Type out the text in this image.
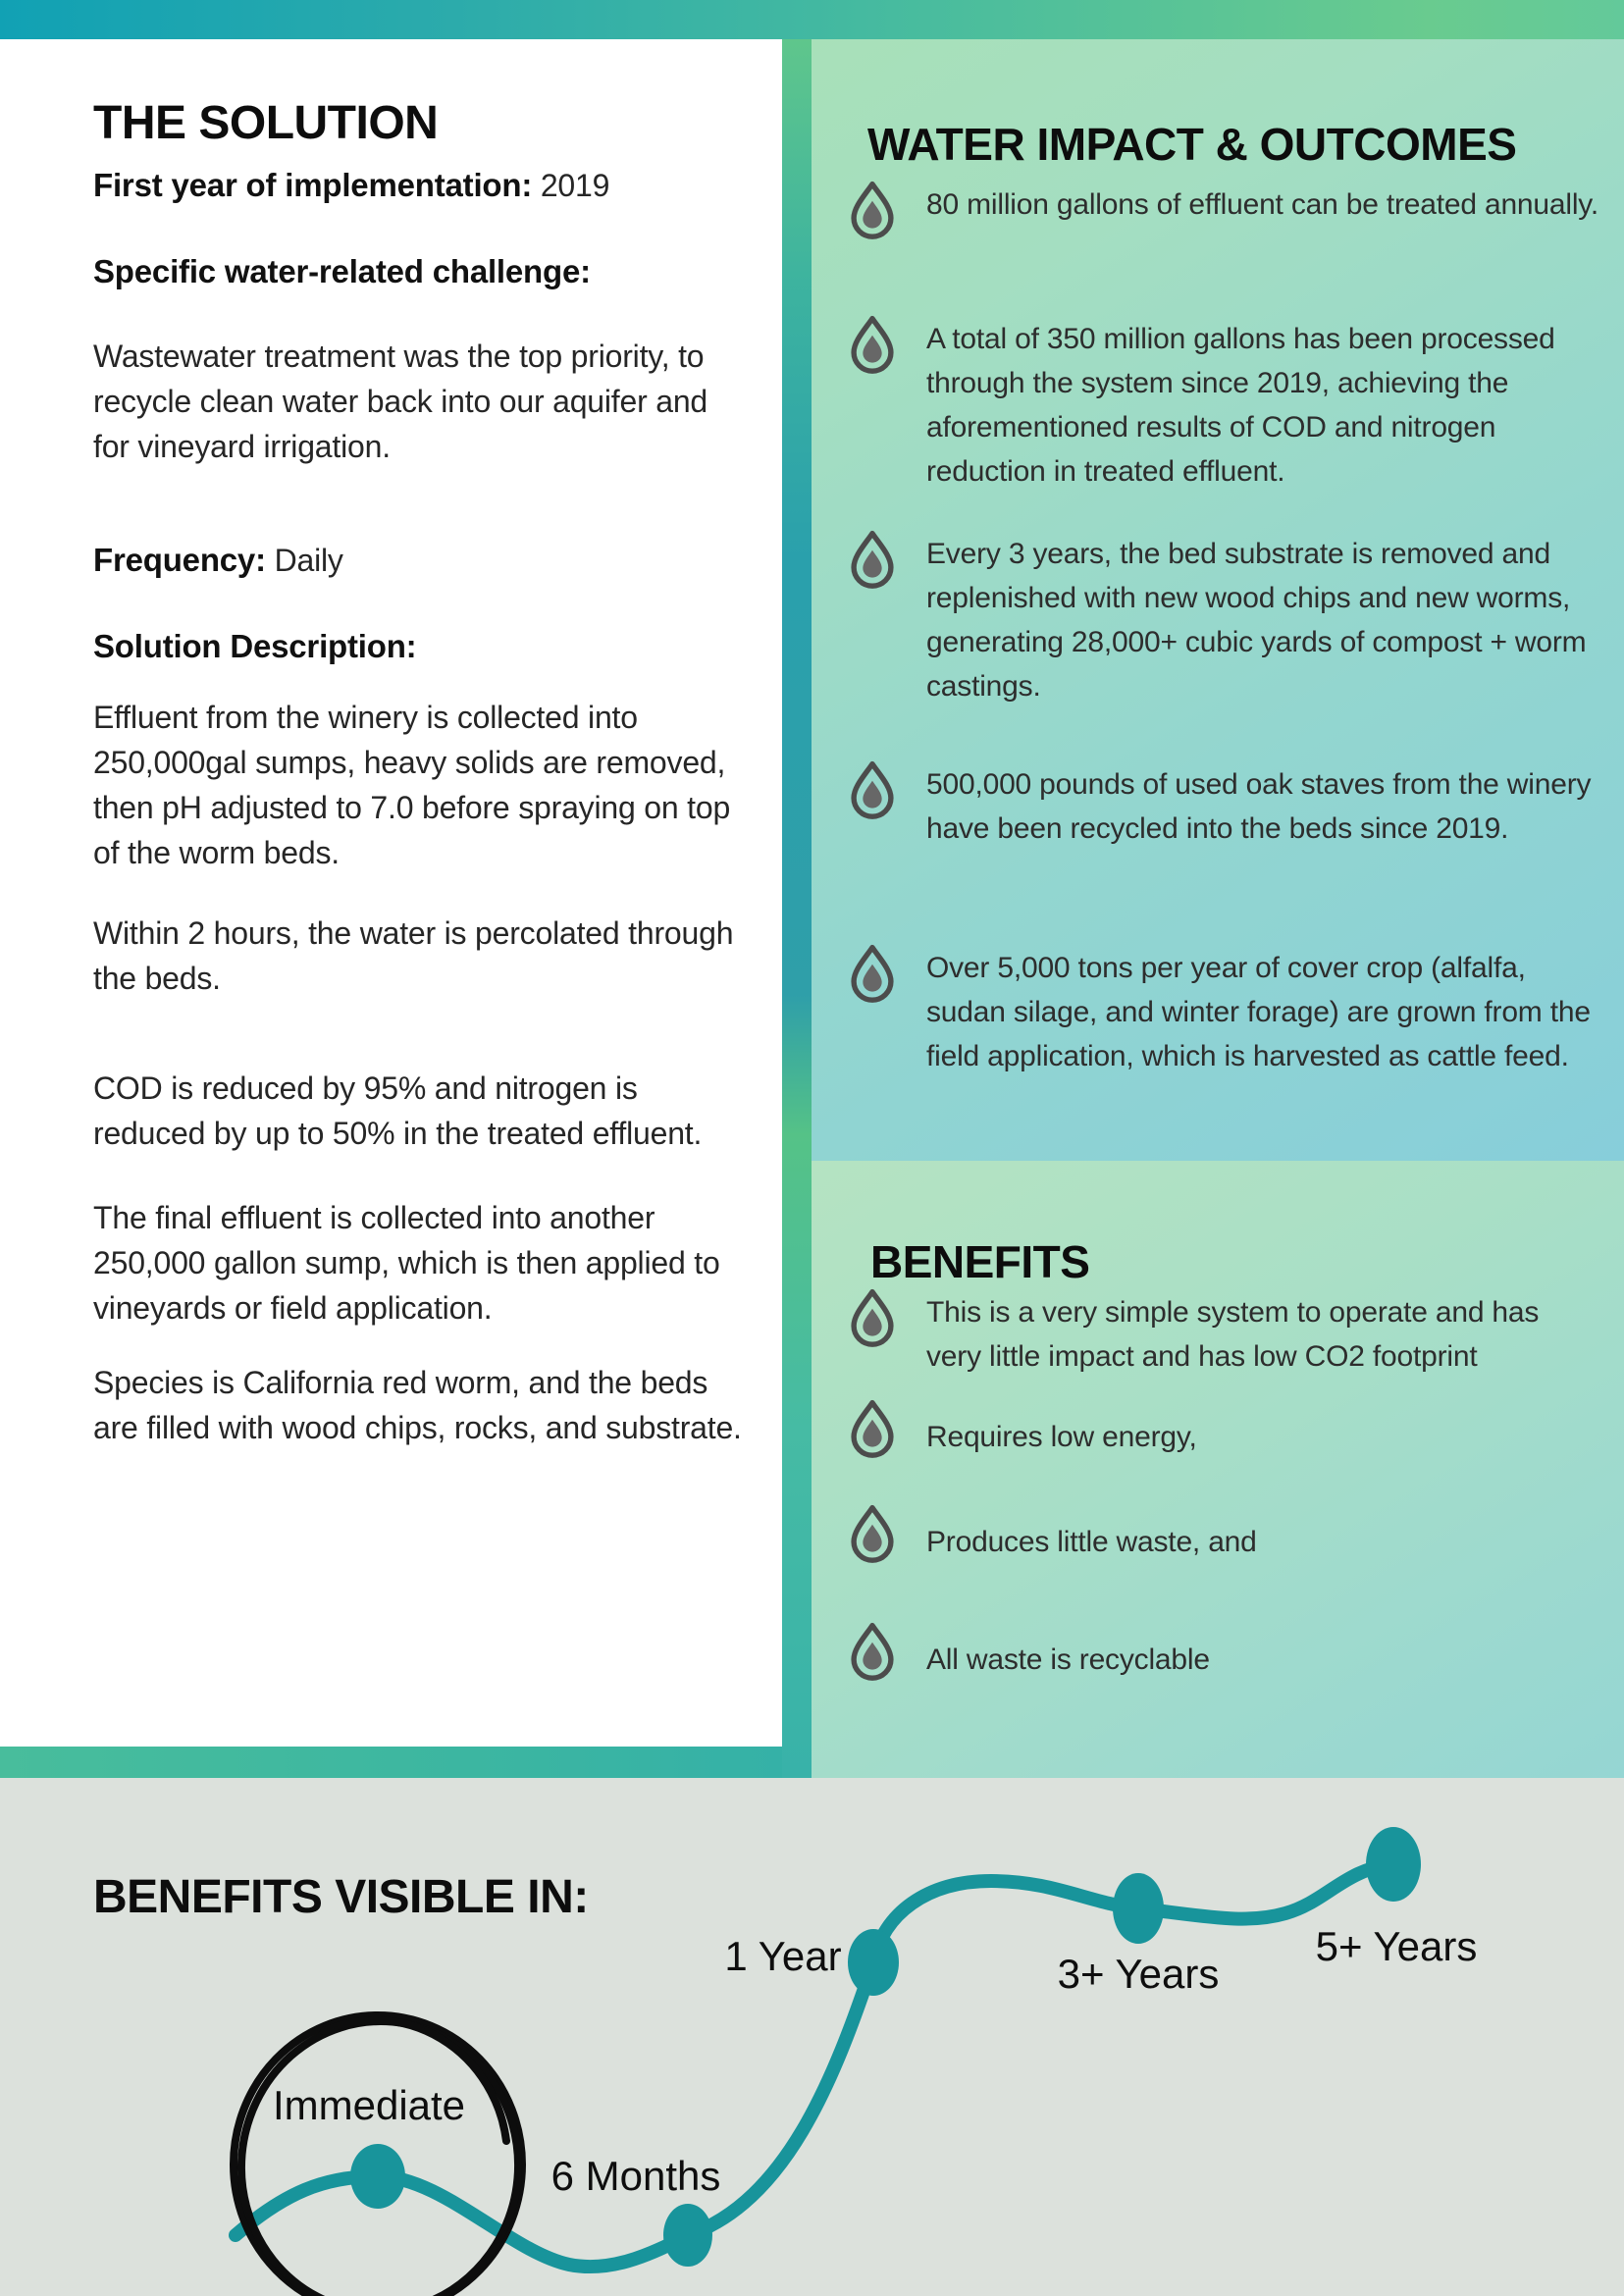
THE SOLUTION
First year of implementation: 2019
Specific water-related challenge:

Wastewater treatment was the top priority, to recycle clean water back into our aquifer and for vineyard irrigation.

Frequency: Daily
Solution Description:

Effluent from the winery is collected into 250,000gal sumps, heavy solids are removed, then pH adjusted to 7.0 before spraying on top of the worm beds.

Within 2 hours, the water is percolated through the beds.

COD is reduced by 95% and nitrogen is reduced by up to 50% in the treated effluent.

The final effluent is collected into another 250,000 gallon sump, which is then applied to vineyards or field application.

Species is California red worm, and the beds are filled with wood chips, rocks, and substrate.

WATER IMPACT & OUTCOMES
80 million gallons of effluent can be treated annually.
A total of 350 million gallons has been processed through the system since 2019, achieving the aforementioned results of COD and nitrogen reduction in treated effluent.
Every 3 years, the bed substrate is removed and replenished with new wood chips and new worms, generating 28,000+ cubic yards of compost + worm castings.
500,000 pounds of used oak staves from the winery have been recycled into the beds since 2019.
Over 5,000 tons per year of cover crop (alfalfa, sudan silage, and winter forage) are grown from the field application, which is harvested as cattle feed.
BENEFITS
This is a very simple system to operate and has very little impact and has low CO2 footprint
Requires low energy,
Produces little waste, and
All waste is recyclable
BENEFITS VISIBLE IN:
Immediate
6 Months
1 Year	3+ Years
5+ Years
